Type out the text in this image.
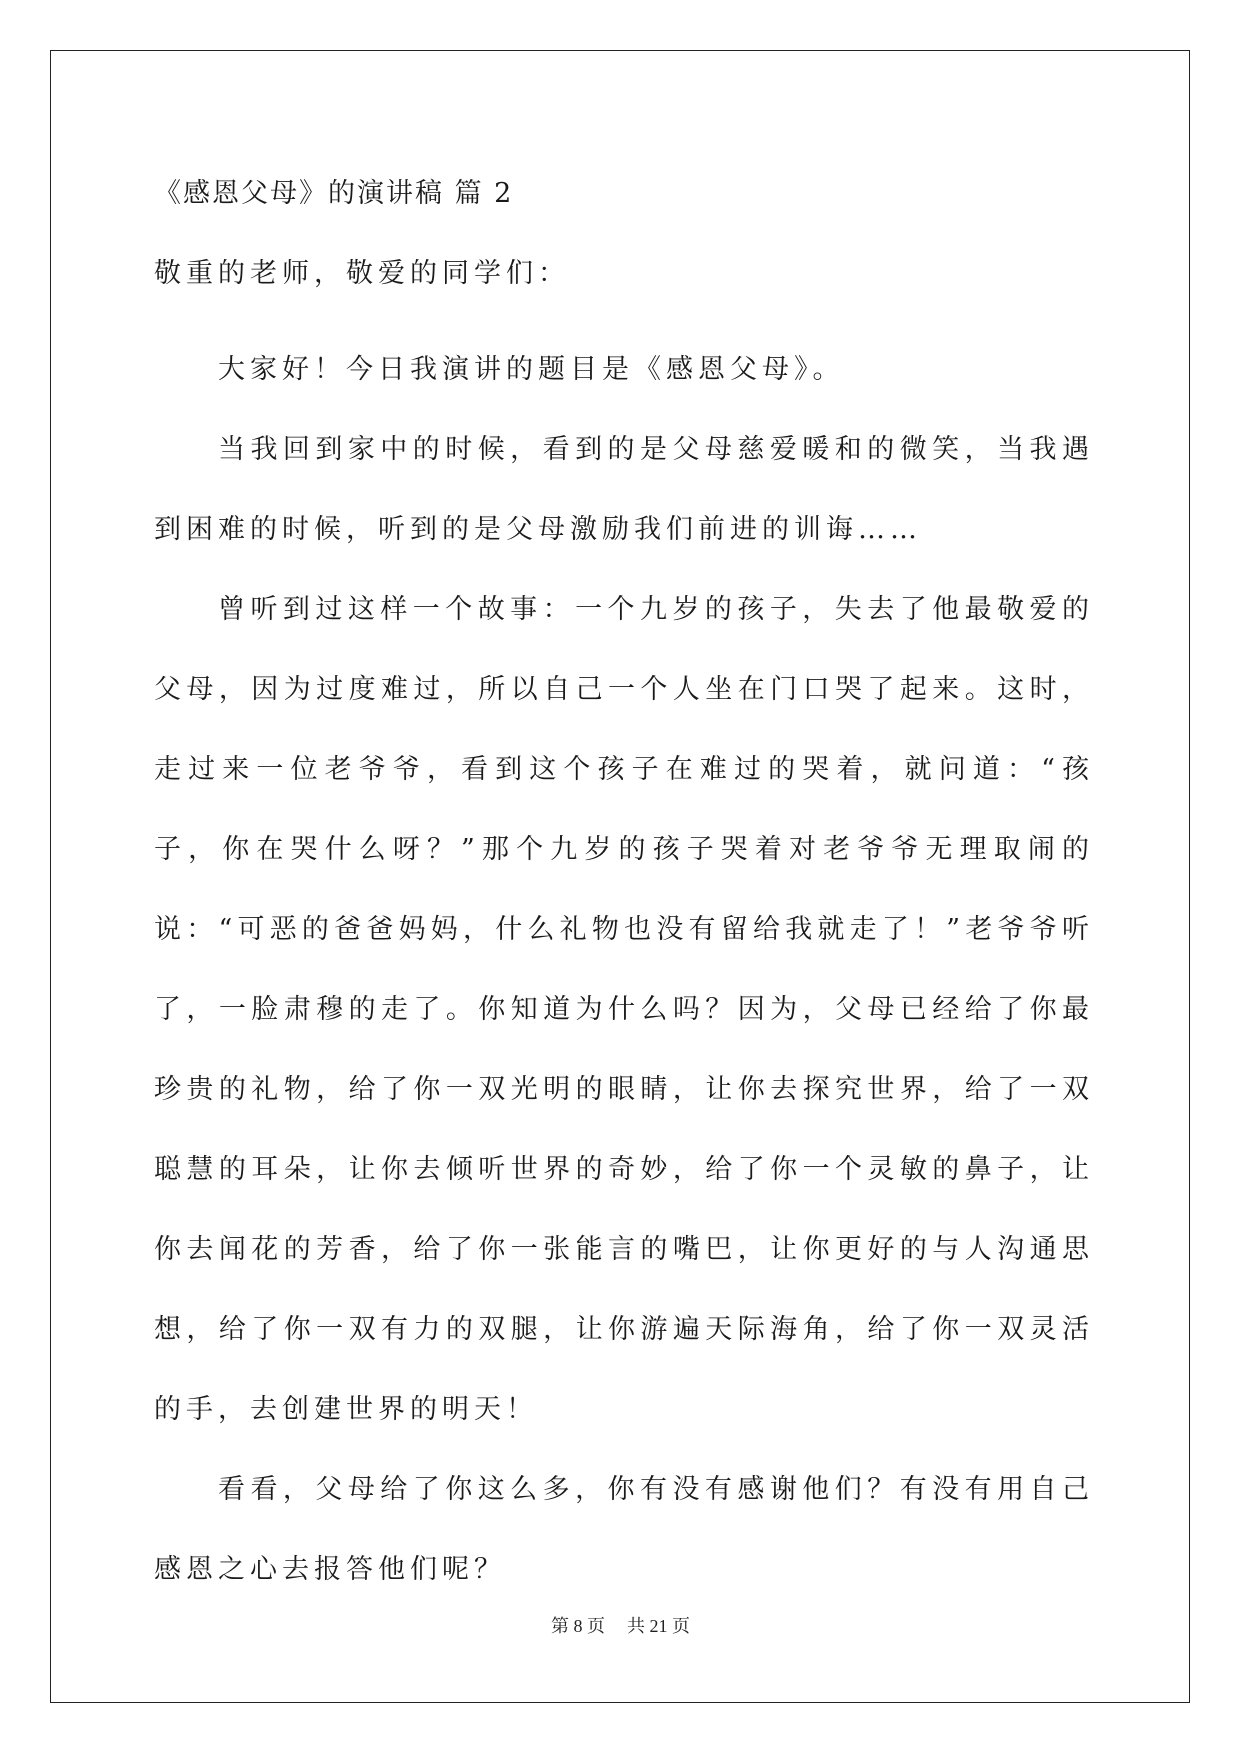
《感恩父母》的演讲稿 篇 2
敬重的老师，敬爱的同学们：

大家好！今日我演讲的题目是《感恩父母》。

当我回到家中的时候，看到的是父母慈爱暖和的微笑，当我遇到困难的时候，听到的是父母激励我们前进的训诲……

曾听到过这样一个故事：一个九岁的孩子，失去了他最敬爱的父母，因为过度难过，所以自己一个人坐在门口哭了起来。这时，走过来一位老爷爷，看到这个孩子在难过的哭着，就问道：“孩子，你在哭什么呀？”那个九岁的孩子哭着对老爷爷无理取闹的说：“可恶的爸爸妈妈，什么礼物也没有留给我就走了！”老爷爷听了，一脸肃穆的走了。你知道为什么吗？因为，父母已经给了你最珍贵的礼物，给了你一双光明的眼睛，让你去探究世界，给了一双聪慧的耳朵，让你去倾听世界的奇妙，给了你一个灵敏的鼻子，让你去闻花的芳香，给了你一张能言的嘴巴，让你更好的与人沟通思想，给了你一双有力的双腿，让你游遍天际海角，给了你一双灵活的手，去创建世界的明天！

看看，父母给了你这么多，你有没有感谢他们？有没有用自己感恩之心去报答他们呢？

第 8 页 共 21 页
